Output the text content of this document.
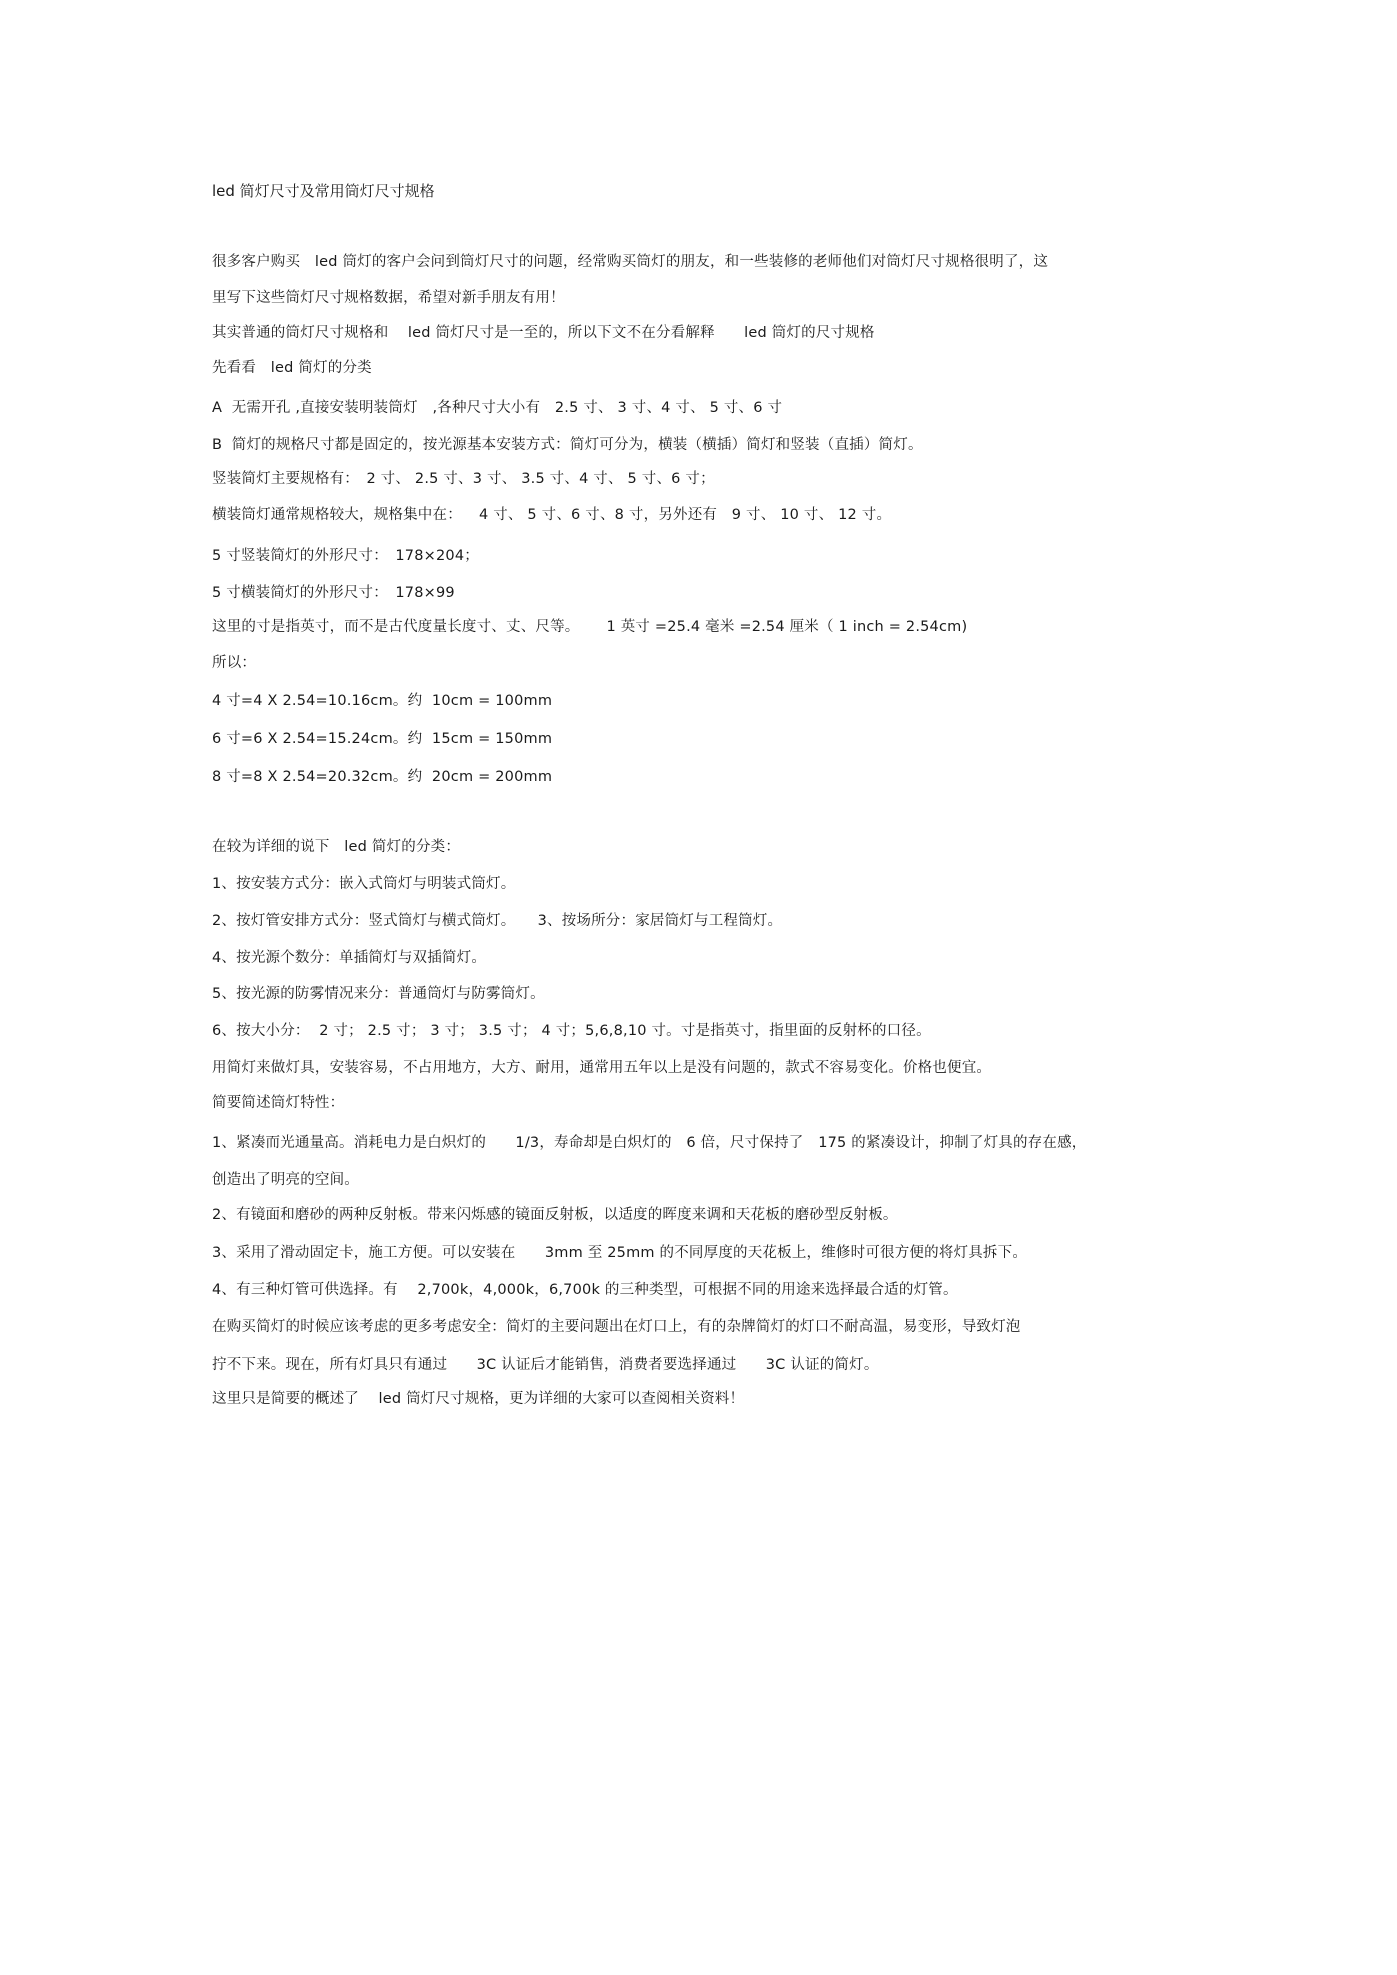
led 简灯尺寸及常用筒灯尺寸规格
很多客户购买　led 筒灯的客户会问到筒灯尺寸的问题，经常购买筒灯的朋友，和一些装修的老师他们对筒灯尺寸规格很明了，这
里写下这些筒灯尺寸规格数据，希望对新手朋友有用！
其实普通的筒灯尺寸规格和　 led 筒灯尺寸是一至的，所以下文不在分看解释　　led 筒灯的尺寸规格
先看看　led 简灯的分类
A  无需开孔 ,直接安装明装筒灯　,各种尺寸大小有　2.5 寸、 3 寸、4 寸、 5 寸、6 寸
B  简灯的规格尺寸都是固定的，按光源基本安装方式：简灯可分为，横装（横插）简灯和竖装（直插）简灯。
竖装简灯主要规格有：　2 寸、 2.5 寸、3 寸、 3.5 寸、4 寸、 5 寸、6 寸；
横装筒灯通常规格较大，规格集中在：　  4 寸、 5 寸、6 寸、8 寸，另外还有　9 寸、 10 寸、 12 寸。
5 寸竖装简灯的外形尺寸：　178×204；
5 寸横装简灯的外形尺寸：　178×99
这里的寸是指英寸，而不是古代度量长度寸、丈、尺等。　　 1 英寸 =25.4 毫米 =2.54 厘米（ 1 inch = 2.54cm)
所以：
4 寸=4 X 2.54=10.16cm。约  10cm = 100mm
6 寸=6 X 2.54=15.24cm。约  15cm = 150mm
8 寸=8 X 2.54=20.32cm。约  20cm = 200mm
在较为详细的说下　led 简灯的分类：
1、按安装方式分：嵌入式筒灯与明装式筒灯。
2、按灯管安排方式分：竖式筒灯与横式筒灯。　　3、按场所分：家居筒灯与工程筒灯。
4、按光源个数分：单插简灯与双插简灯。
5、按光源的防雾情况来分：普通筒灯与防雾筒灯。
6、按大小分：  2 寸； 2.5 寸； 3 寸； 3.5 寸； 4 寸；5,6,8,10 寸。寸是指英寸，指里面的反射杯的口径。
用简灯来做灯具，安装容易，不占用地方，大方、耐用，通常用五年以上是没有问题的，款式不容易变化。价格也便宜。
简要简述筒灯特性：
1、紧凑而光通量高。消耗电力是白炽灯的　　1/3，寿命却是白炽灯的　6 倍，尺寸保持了　175 的紧凑设计，抑制了灯具的存在感，
创造出了明亮的空间。
2、有镜面和磨砂的两种反射板。带来闪烁感的镜面反射板，以适度的晖度来调和天花板的磨砂型反射板。
3、采用了滑动固定卡，施工方便。可以安装在　　3mm 至 25mm 的不同厚度的天花板上，维修时可很方便的将灯具拆下。
4、有三种灯管可供选择。有　 2,700k，4,000k，6,700k 的三种类型，可根据不同的用途来选择最合适的灯管。
在购买简灯的时候应该考虑的更多考虑安全：简灯的主要问题出在灯口上，有的杂牌简灯的灯口不耐高温，易变形，导致灯泡
拧不下来。现在，所有灯具只有通过　　3C 认证后才能销售，消费者要选择通过　　3C 认证的简灯。
这里只是简要的概述了　 led 筒灯尺寸规格，更为详细的大家可以查阅相关资料！
